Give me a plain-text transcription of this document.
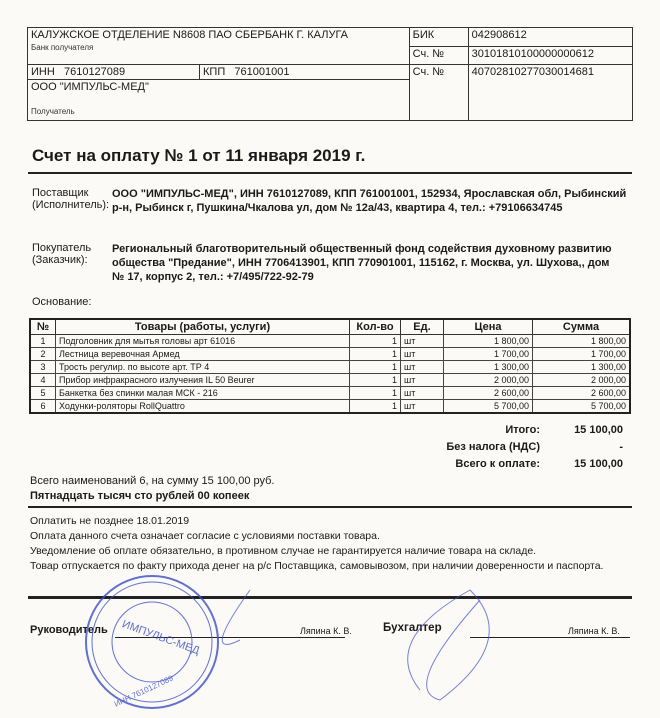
КАЛУЖСКОЕ ОТДЕЛЕНИЕ N8608 ПАО СБЕРБАНК Г. КАЛУГА
Банк получателя		БИК	042908612
		Сч. №	30101810100000000612
ИНН 7610127089	КПП 761001001	Сч. №	40702810277030014681
ООО "ИМПУЛЬС-МЕД"

Получатель			
Счет на оплату № 1 от 11 января 2019 г.
Поставщик (Исполнитель):
ООО "ИМПУЛЬС-МЕД", ИНН 7610127089, КПП 761001001, 152934, Ярославская обл, Рыбинский р-н, Рыбинск г, Пушкина/Чкалова ул, дом № 12а/43, квартира 4, тел.: +79106634745
Покупатель (Заказчик):
Региональный благотворительный общественный фонд содействия духовному развитию общества "Предание", ИНН 7706413901, КПП 770901001, 115162, г. Москва, ул. Шухова,, дом № 17, корпус 2, тел.: +7/495/722-92-79
Основание:
№	Товары (работы, услуги)	Кол-во	Ед.	Цена	Сумма
1	Подголовник для мытья головы арт 61016	1	шт	1 800,00	1 800,00
2	Лестница веревочная Армед	1	шт	1 700,00	1 700,00
3	Трость регулир. по высоте арт. ТР 4	1	шт	1 300,00	1 300,00
4	Прибор инфракрасного излучения IL 50 Beurer	1	шт	2 000,00	2 000,00
5	Банкетка без спинки малая МСК - 216	1	шт	2 600,00	2 600,00
6	Ходунки-роляторы RollQuattro	1	шт	5 700,00	5 700,00
Итого:	15 100,00
Без налога (НДС)	-
Всего к оплате:	15 100,00
Всего наименований 6, на сумму 15 100,00 руб.
Пятнадцать тысяч сто рублей 00 копеек
Оплатить не позднее 18.01.2019
Оплата данного счета означает согласие с условиями поставки товара.
Уведомление об оплате обязательно, в противном случае не гарантируется наличие товара на складе.
Товар отпускается по факту прихода денег на р/с Поставщика, самовывозом, при наличии доверенности и паспорта.
Руководитель	Ляпина К. В.	Бухгалтер	Ляпина К. В.
ИМПУЛЬС-МЕД
ИНН 7610127089
